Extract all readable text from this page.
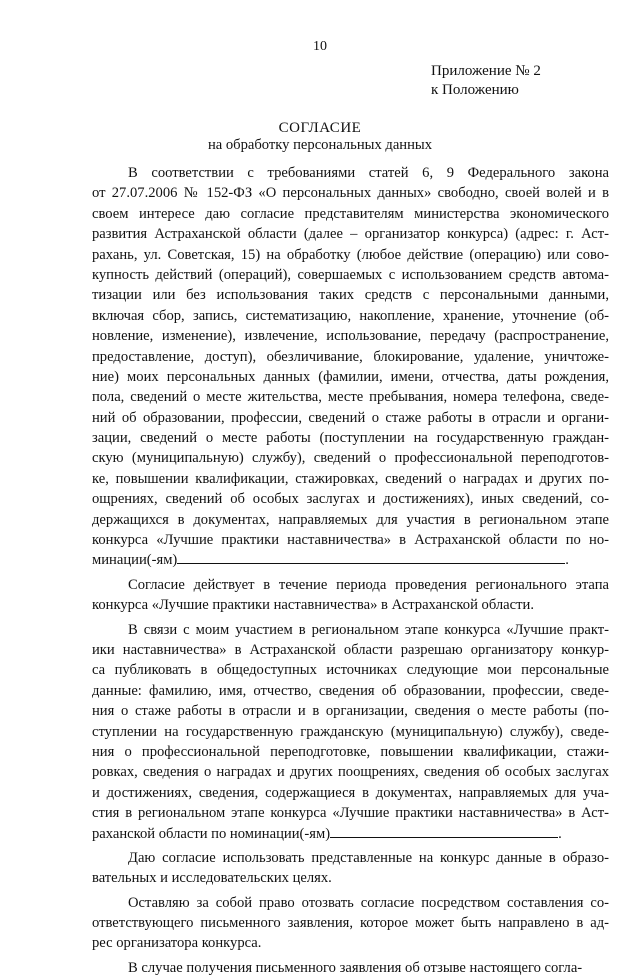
10
Приложение № 2
к Положению
СОГЛАСИЕ
на обработку персональных данных
В соответствии с требованиями статей 6, 9 Федерального закона
от 27.07.2006 № 152-ФЗ «О персональных данных» свободно, своей волей и в
своем интересе даю согласие представителям министерства экономического
развития Астраханской области (далее – организатор конкурса) (адрес: г. Аст-
рахань, ул. Советская, 15) на обработку (любое действие (операцию) или сово-
купность действий (операций), совершаемых с использованием средств автома-
тизации или без использования таких средств с персональными данными,
включая сбор, запись, систематизацию, накопление, хранение, уточнение (об-
новление, изменение), извлечение, использование, передачу (распространение,
предоставление, доступ), обезличивание, блокирование, удаление, уничтоже-
ние) моих персональных данных (фамилии, имени, отчества, даты рождения,
пола, сведений о месте жительства, месте пребывания, номера телефона, сведе-
ний об образовании, профессии, сведений о стаже работы в отрасли и органи-
зации, сведений о месте работы (поступлении на государственную граждан-
скую (муниципальную) службу), сведений о профессиональной переподготов-
ке, повышении квалификации, стажировках, сведений о наградах и других по-
ощрениях, сведений об особых заслугах и достижениях), иных сведений, со-
держащихся в документах, направляемых для участия в региональном этапе
конкурса «Лучшие практики наставничества» в Астраханской области по но-
минации(-ям)	.
Согласие действует в течение периода проведения регионального этапа
конкурса «Лучшие практики наставничества» в Астраханской области.
В связи с моим участием в региональном этапе конкурса «Лучшие практ-
ики наставничества» в Астраханской области разрешаю организатору конкур-
са публиковать в общедоступных источниках следующие мои персональные
данные: фамилию, имя, отчество, сведения об образовании, профессии, сведе-
ния о стаже работы в отрасли и в организации, сведения о месте работы (по-
ступлении на государственную гражданскую (муниципальную) службу), сведе-
ния о профессиональной переподготовке, повышении квалификации, стажи-
ровках, сведения о наградах и других поощрениях, сведения об особых заслугах
и достижениях, сведения, содержащиеся в документах, направляемых для уча-
стия в региональном этапе конкурса «Лучшие практики наставничества» в Аст-
раханской области по номинации(-ям)	.
Даю согласие использовать представленные на конкурс данные в образо-
вательных и исследовательских целях.
Оставляю за собой право отозвать согласие посредством составления со-
ответствующего письменного заявления, которое может быть направлено в ад-
рес организатора конкурса.
В случае получения письменного заявления об отзыве настоящего согла-
